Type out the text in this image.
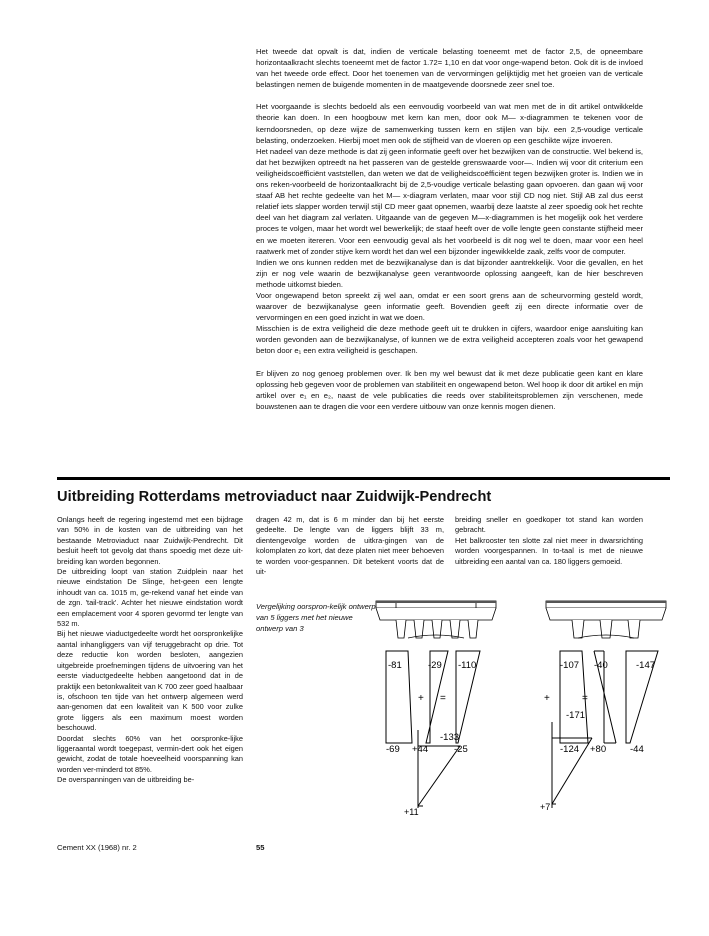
Het tweede dat opvalt is dat, indien de verticale belasting toeneemt met de factor 2,5, de opneembare horizontaalkracht slechts toeneemt met de factor 1.72= 1,10 en dat voor onge-wapend beton. Ook dit is de invloed van het tweede orde effect. Door het toenemen van de vervormingen gelijktijdig met het groeien van de verticale belastingen nemen de buigende momenten in de maatgevende doorsnede zeer snel toe.

Het voorgaande is slechts bedoeld als een eenvoudig voorbeeld van wat men met de in dit artikel ontwikkelde theorie kan doen. In een hoogbouw met kern kan men, door ook M— x-diagrammen te tekenen voor de kerndoorsneden, op deze wijze de samenwerking tussen kern en stijlen van bijv. een 2,5-voudige verticale belasting, onderzoeken. Hierbij moet men ook de stijfheid van de vloeren op een geschikte wijze invoeren.

Het nadeel van deze methode is dat zij geen informatie geeft over het bezwijken van de constructie. Wel bekend is, dat het bezwijken optreedt na het passeren van de gestelde grenswaarde voor—. Indien wij voor dit criterium een veiligheidscoëfficiënt vaststellen, dan weten we dat de veiligheidscoëfficiënt tegen bezwijken groter is. Indien we in ons reken-voorbeeld de horizontaalkracht bij de 2,5-voudige verticale belasting gaan opvoeren. dan gaan wij voor staaf AB het rechte gedeelte van het M— x-diagram verlaten, maar voor stijl CD nog niet. Stijl AB zal dus eerst relatief iets slapper worden terwijl stijl CD meer gaat opnemen, waarbij deze laatste al zeer spoedig ook het rechte deel van het diagram zal verlaten. Uitgaande van de gegeven M—x-diagrammen is het mogelijk ook het verdere proces te volgen, maar het wordt wel bewerkelijk; de staaf heeft over de volle lengte geen constante stijfheid meer en we moeten itereren. Voor een eenvoudig geval als het voorbeeld is dit nog wel te doen, maar voor een heel raatwerk met of zonder stijve kern wordt het dan wel een bijzonder ingewikkelde zaak, zelfs voor de computer.

Indien we ons kunnen redden met de bezwijkanalyse dan is dat bijzonder aantrekkelijk. Voor die gevallen, en het zijn er nog vele waarin de bezwijkanalyse geen verantwoorde oplossing aangeeft, kan de hier beschreven methode uitkomst bieden.

Voor ongewapend beton spreekt zij wel aan, omdat er een soort grens aan de scheurvorming gesteld wordt, waarover de bezwijkanalyse geen informatie geeft. Bovendien geeft zij een directe informatie over de vervormingen en een goed inzicht in wat we doen.

Misschien is de extra veiligheid die deze methode geeft uit te drukken in cijfers, waardoor enige aansluiting kan worden gevonden aan de bezwijkanalyse, of kunnen we de extra veiligheid accepteren zoals voor het gewapend beton door e₁ een extra veiligheid is geschapen.

Er blijven zo nog genoeg problemen over. Ik ben my wel bewust dat ik met deze publicatie geen kant en klare oplossing heb gegeven voor de problemen van stabiliteit en ongewapend beton. Wel hoop ik door dit artikel en mijn artikel over e₁ en e₂, naast de vele publicaties die reeds over stabiliteitsproblemen zijn verschenen, mede bouwstenen aan te dragen die voor een verdere uitbouw van onze kennis mogen dienen.

Uitbreiding Rotterdams metroviaduct naar Zuidwijk-Pendrecht

Onlangs heeft de regering ingestemd met een bijdrage van 50% in de kosten van de uitbreiding van het bestaande Metroviaduct naar Zuidwijk-Pendrecht. Dit besluit heeft tot gevolg dat thans spoedig met deze uit-breiding kan worden begonnen.

De uitbreiding loopt van station Zuidplein naar het nieuwe eindstation De Slinge, het-geen een lengte inhoudt van ca. 1015 m, ge-rekend vanaf het einde van de zgn. 'tail-track'. Achter het nieuwe eindstation wordt een emplacement voor 4 sporen gevormd ter lengte van 532 m.

Bij het nieuwe viaductgedeelte wordt het oorspronkelijke aantal inhangliggers van vijf teruggebracht op drie. Tot deze reductie kon worden besloten, aangezien uitgebreide proefnemingen tijdens de uitvoering van het eerste viaductgedeelte hebben aangetoond dat in de praktijk een betonkwaliteit van K 700 zeer goed haalbaar is, ofschoon ten tijde van het ontwerp algemeen werd aan-genomen dat een kwaliteit van K 500 voor zulke grote liggers als een maximum moest worden beschouwd.

Doordat slechts 60% van het oorspronke-lijke liggeraantal wordt toegepast, vermin-dert ook het eigen gewicht, zodat de totale hoeveelheid voorspanning kan worden ver-minderd tot 85%.

De overspanningen van de uitbreiding be-

dragen 42 m, dat is 6 m minder dan bij het eerste gedeelte. De lengte van de liggers blijft 33 m, dientengevolge worden de uitkra-gingen van de kolomplaten zo kort, dat deze platen niet meer behoeven te worden voor-gespannen. Dit betekent voorts dat de uit-

breiding sneller en goedkoper tot stand kan worden gebracht.

Het balkrooster ten slotte zal niet meer in dwarsrichting worden voorgespannen. In to-taal is met de nieuwe uitbreiding een aantal van ca. 180 liggers gemoeid.

Vergelijking oorspron-kelijk ontwerp van 5 liggers met het nieuwe ontwerp van 3
-81	-29 -110
-69 +44	-25
+ =
-133
+11
-107 -40	-147
-124 +80	-44
+	=
-171
+7
Cement XX (1968) nr. 2	55
